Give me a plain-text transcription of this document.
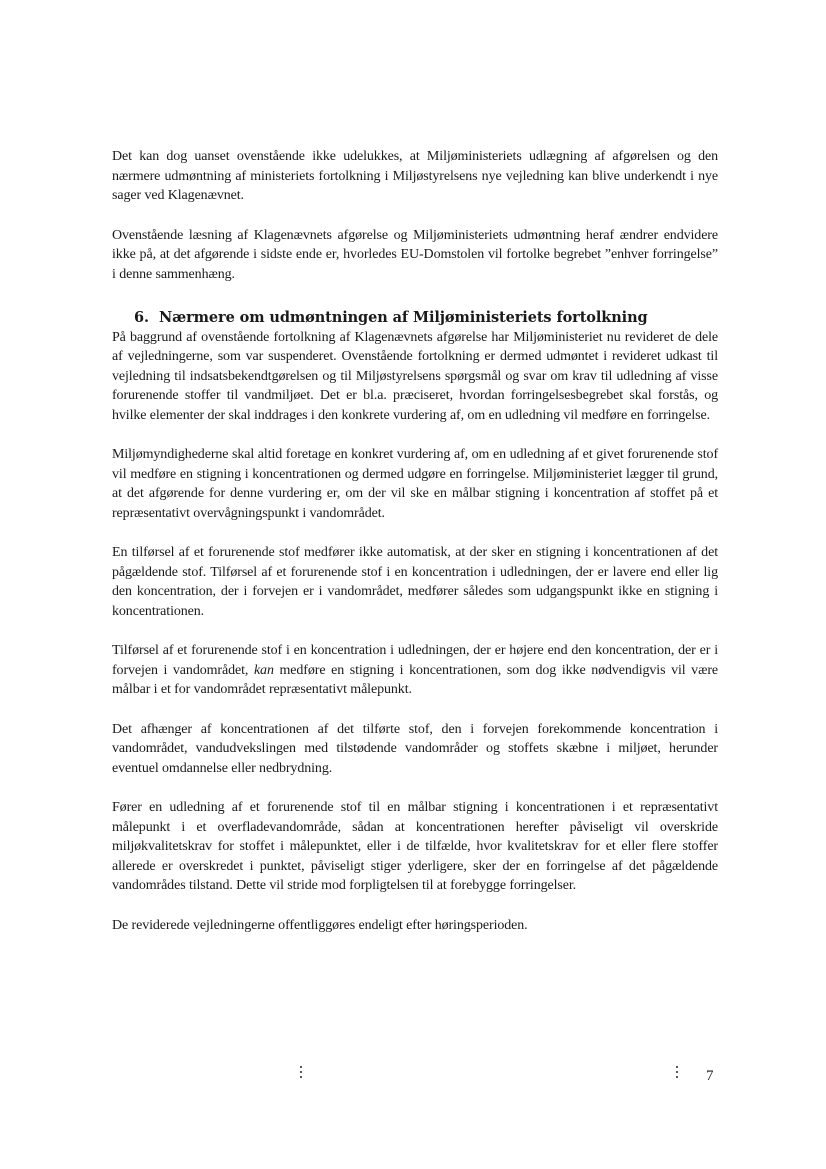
Det kan dog uanset ovenstående ikke udelukkes, at Miljøministeriets udlægning af afgørelsen og den nærmere udmøntning af ministeriets fortolkning i Miljøstyrelsens nye vejledning kan blive underkendt i nye sager ved Klagenævnet.

Ovenstående læsning af Klagenævnets afgørelse og Miljøministeriets udmøntning heraf ændrer endvidere ikke på, at det afgørende i sidste ende er, hvorledes EU-Domstolen vil fortolke begrebet ”enhver forringelse” i denne sammenhæng.

6. Nærmere om udmøntningen af Miljøministeriets fortolkning

På baggrund af ovenstående fortolkning af Klagenævnets afgørelse har Miljøministeriet nu revideret de dele af vejledningerne, som var suspenderet. Ovenstående fortolkning er dermed udmøntet i revideret udkast til vejledning til indsatsbekendtgørelsen og til Miljøstyrelsens spørgsmål og svar om krav til udledning af visse forurenende stoffer til vandmiljøet. Det er bl.a. præciseret, hvordan forringelsesbegrebet skal forstås, og hvilke elementer der skal inddrages i den konkrete vurdering af, om en udledning vil medføre en forringelse.

Miljømyndighederne skal altid foretage en konkret vurdering af, om en udledning af et givet forurenende stof vil medføre en stigning i koncentrationen og dermed udgøre en forringelse. Miljøministeriet lægger til grund, at det afgørende for denne vurdering er, om der vil ske en målbar stigning i koncentration af stoffet på et repræsentativt overvågningspunkt i vandområdet.

En tilførsel af et forurenende stof medfører ikke automatisk, at der sker en stigning i koncentrationen af det pågældende stof. Tilførsel af et forurenende stof i en koncentration i udledningen, der er lavere end eller lig den koncentration, der i forvejen er i vandområdet, medfører således som udgangspunkt ikke en stigning i koncentrationen.

Tilførsel af et forurenende stof i en koncentration i udledningen, der er højere end den koncentration, der er i forvejen i vandområdet, kan medføre en stigning i koncentrationen, som dog ikke nødvendigvis vil være målbar i et for vandområdet repræsentativt målepunkt.

Det afhænger af koncentrationen af det tilførte stof, den i forvejen forekommende koncentration i vandområdet, vandudvekslingen med tilstødende vandområder og stoffets skæbne i miljøet, herunder eventuel omdannelse eller nedbrydning.

Fører en udledning af et forurenende stof til en målbar stigning i koncentrationen i et repræsentativt målepunkt i et overfladevandområde, sådan at koncentrationen herefter påviseligt vil overskride miljøkvalitetskrav for stoffet i målepunktet, eller i de tilfælde, hvor kvalitetskrav for et eller flere stoffer allerede er overskredet i punktet, påviseligt stiger yderligere, sker der en forringelse af det pågældende vandområdes tilstand. Dette vil stride mod forpligtelsen til at forebygge forringelser.

De reviderede vejledningerne offentliggøres endeligt efter høringsperioden.

7
